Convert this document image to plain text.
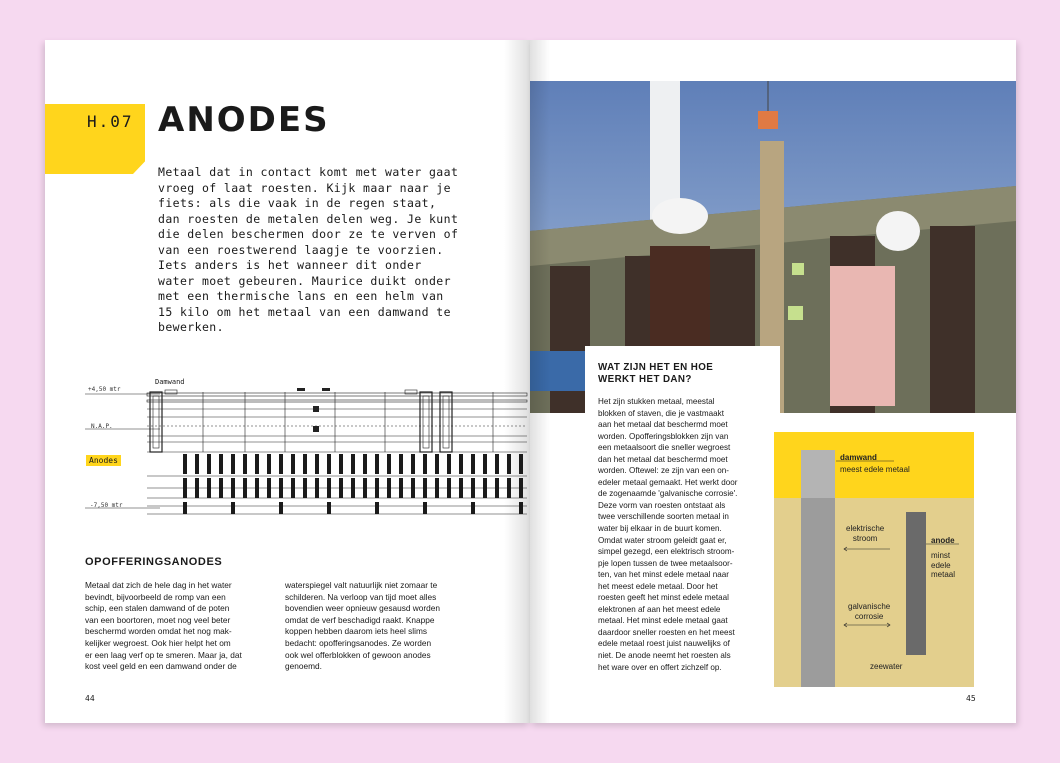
H.07 ANODES
Metaal dat in contact komt met water gaat
vroeg of laat roesten. Kijk maar naar je
fiets: als die vaak in de regen staat,
dan roesten de metalen delen weg. Je kunt
die delen beschermen door ze te verven of
van een roestwerend laagje te voorzien.
Iets anders is het wanneer dit onder
water moet gebeuren. Maurice duikt onder
met een thermische lans en een helm van
15 kilo om het metaal van een damwand te
bewerken.
Damwand
+4,50 mtr
N.A.P.
Anodes
-7,50 mtr
OPOFFERINGSANODES
Metaal dat zich de hele dag in het water
bevindt, bijvoorbeeld de romp van een
schip, een stalen damwand of de poten
van een boortoren, moet nog veel beter
beschermd worden omdat het nog mak-
kelijker wegroest. Ook hier helpt het om
er een laag verf op te smeren. Maar ja, dat
kost veel geld en een damwand onder de
waterspiegel valt natuurlijk niet zomaar te
schilderen. Na verloop van tijd moet alles
bovendien weer opnieuw gesausd worden
omdat de verf beschadigd raakt. Knappe
koppen hebben daarom iets heel slims
bedacht: opofferingsanodes. Ze worden
ook wel offerblokken of gewoon anodes
genoemd.
44
WAT ZIJN HET EN HOE
WERKT HET DAN?
Het zijn stukken metaal, meestal
blokken of staven, die je vastmaakt
aan het metaal dat beschermd moet
worden. Opofferingsblokken zijn van
een metaalsoort die sneller wegroest
dan het metaal dat beschermd moet
worden. Oftewel: ze zijn van een on-
edeler metaal gemaakt. Het werkt door
de zogenaamde 'galvanische corrosie'.
Deze vorm van roesten ontstaat als
twee verschillende soorten metaal in
water bij elkaar in de buurt komen.
Omdat water stroom geleidt gaat er,
simpel gezegd, een elektrisch stroom-
pje lopen tussen de twee metaalsoor-
ten, van het minst edele metaal naar
het meest edele metaal. Door het
roesten geeft het minst edele metaal
elektronen af aan het meest edele
metaal. Het minst edele metaal gaat
daardoor sneller roesten en het meest
edele metaal roest juist nauwelijks of
niet. De anode neemt het roesten als
het ware over en offert zichzelf op.
damwand
meest edele metaal
elektrische
stroom	anode
minst
edele
metaal
galvanische
corrosie
zeewater
45
